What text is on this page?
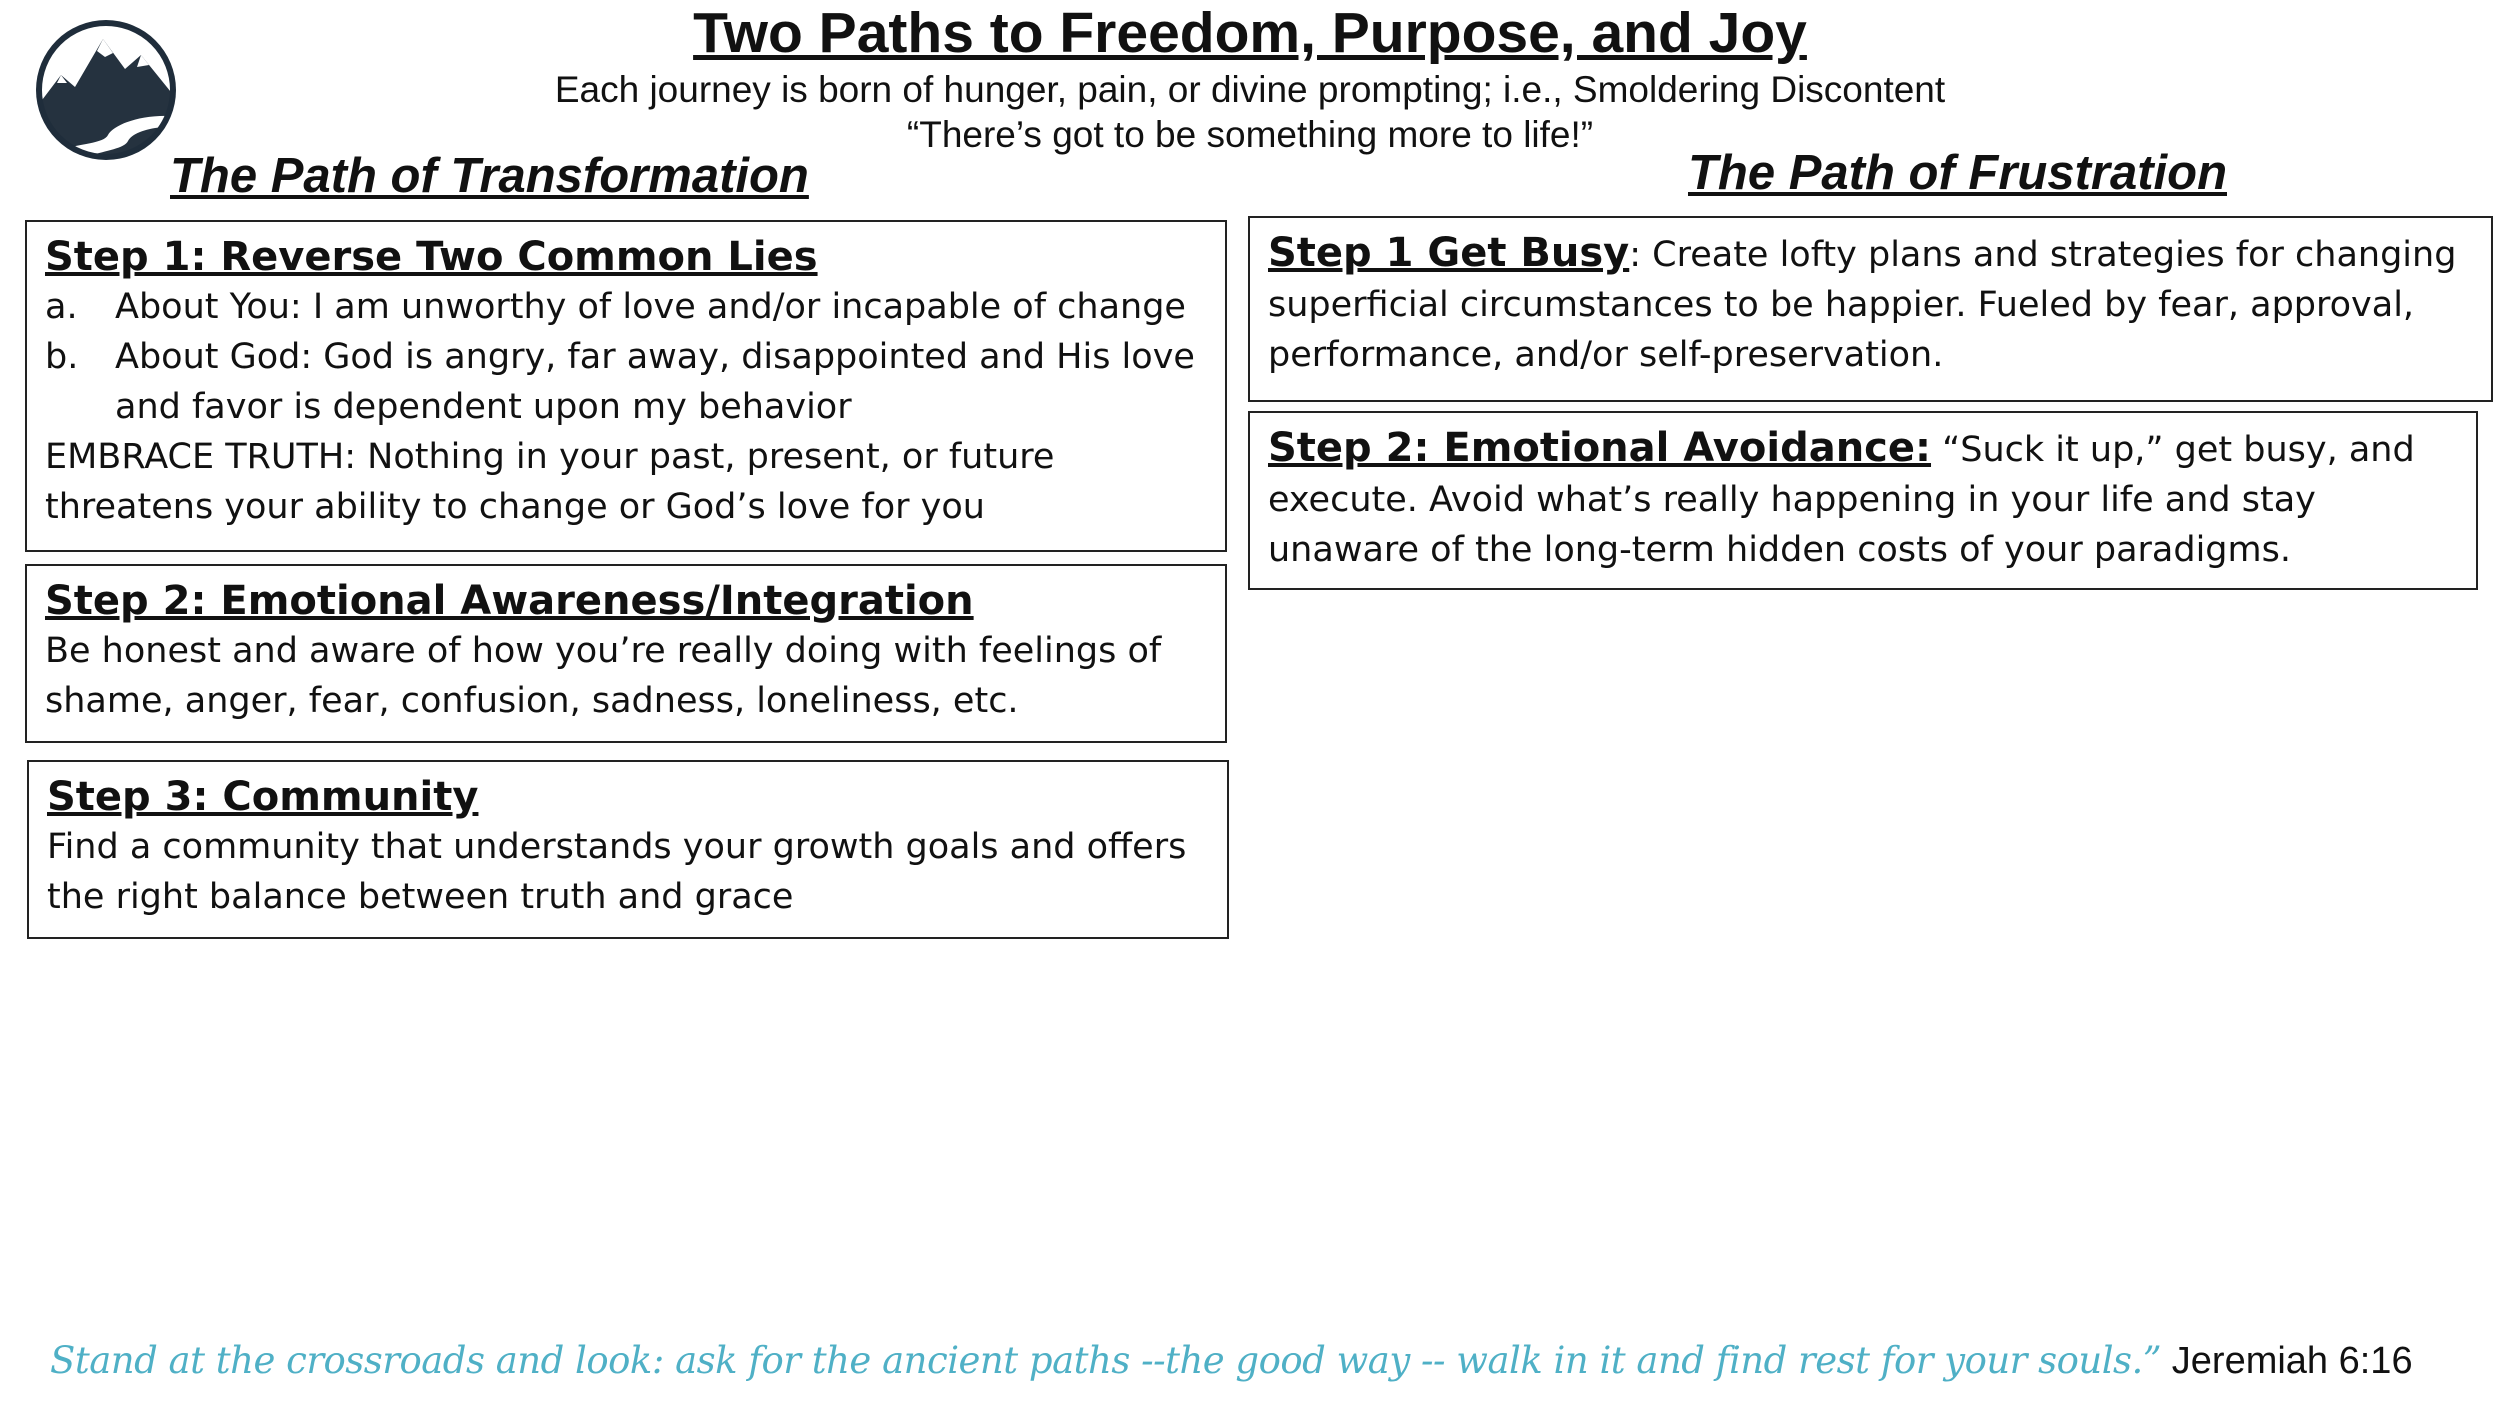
Two Paths to Freedom, Purpose, and Joy
Each journey is born of hunger, pain, or divine prompting; i.e., Smoldering Discontent
“There’s got to be something more to life!”
The Path of Transformation	The Path of Frustration
Step 1: Reverse Two Common Lies
a.	About You: I am unworthy of love and/or incapable of change
b.	About God: God is angry, far away, disappointed and His love
and favor is dependent upon my behavior
EMBRACE TRUTH: Nothing in your past, present, or future
threatens your ability to change or God’s love for you
Step 2: Emotional Awareness/Integration
Be honest and aware of how you’re really doing with feelings of
shame, anger, fear, confusion, sadness, loneliness, etc.
Step 3: Community
Find a community that understands your growth goals and offers
the right balance between truth and grace
Step 1 Get Busy: Create lofty plans and strategies for changing
superficial circumstances to be happier. Fueled by fear, approval,
performance, and/or self-preservation.
Step 2: Emotional Avoidance: “Suck it up,” get busy, and
execute. Avoid what’s really happening in your life and stay
unaware of the long-term hidden costs of your paradigms.
Stand at the crossroads and look: ask for the ancient paths --the good way -- walk in it and find rest for your souls.” Jeremiah 6:16
